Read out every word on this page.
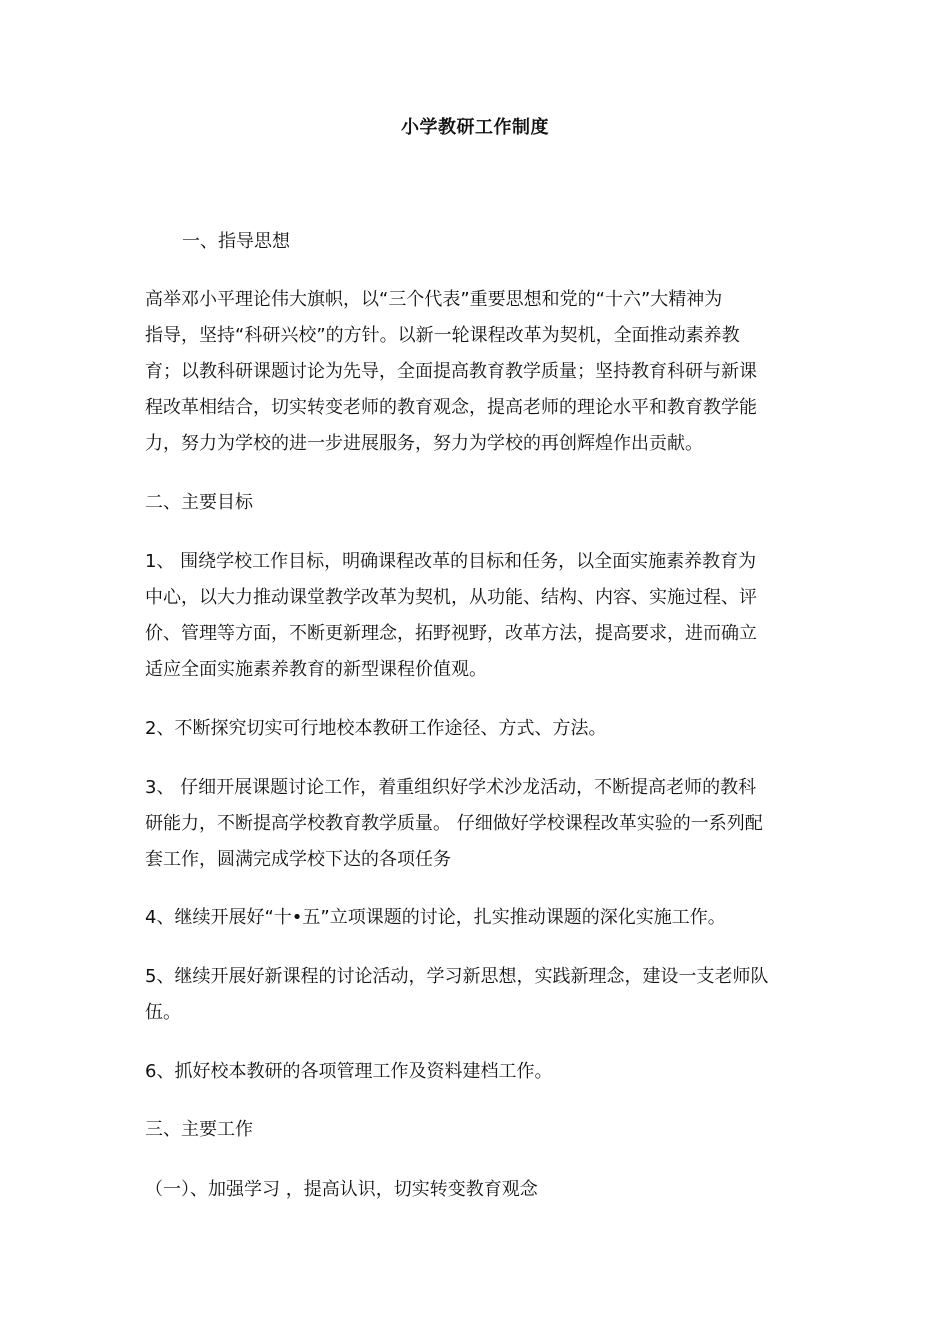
小学教研工作制度
一、指导思想
高举邓小平理论伟大旗帜，以“三个代表”重要思想和党的“十六”大精神为
指导，坚持“科研兴校”的方针。以新一轮课程改革为契机，全面推动素养教
育；以教科研课题讨论为先导，全面提高教育教学质量；坚持教育科研与新课
程改革相结合，切实转变老师的教育观念，提高老师的理论水平和教育教学能
力，努力为学校的进一步进展服务，努力为学校的再创辉煌作出贡献。
二、主要目标
1、 围绕学校工作目标，明确课程改革的目标和任务，以全面实施素养教育为
中心，以大力推动课堂教学改革为契机，从功能、结构、内容、实施过程、评
价、管理等方面，不断更新理念，拓野视野，改革方法，提高要求，进而确立
适应全面实施素养教育的新型课程价值观。
2、不断探究切实可行地校本教研工作途径、方式、方法。
3、 仔细开展课题讨论工作，着重组织好学术沙龙活动，不断提高老师的教科
研能力，不断提高学校教育教学质量。 仔细做好学校课程改革实验的一系列配
套工作，圆满完成学校下达的各项任务
4、继续开展好“十•五”立项课题的讨论，扎实推动课题的深化实施工作。
5、继续开展好新课程的讨论活动，学习新思想，实践新理念，建设一支老师队
伍。
6、抓好校本教研的各项管理工作及资料建档工作。
三、主要工作
（一）、加强学习 ，提高认识，切实转变教育观念
